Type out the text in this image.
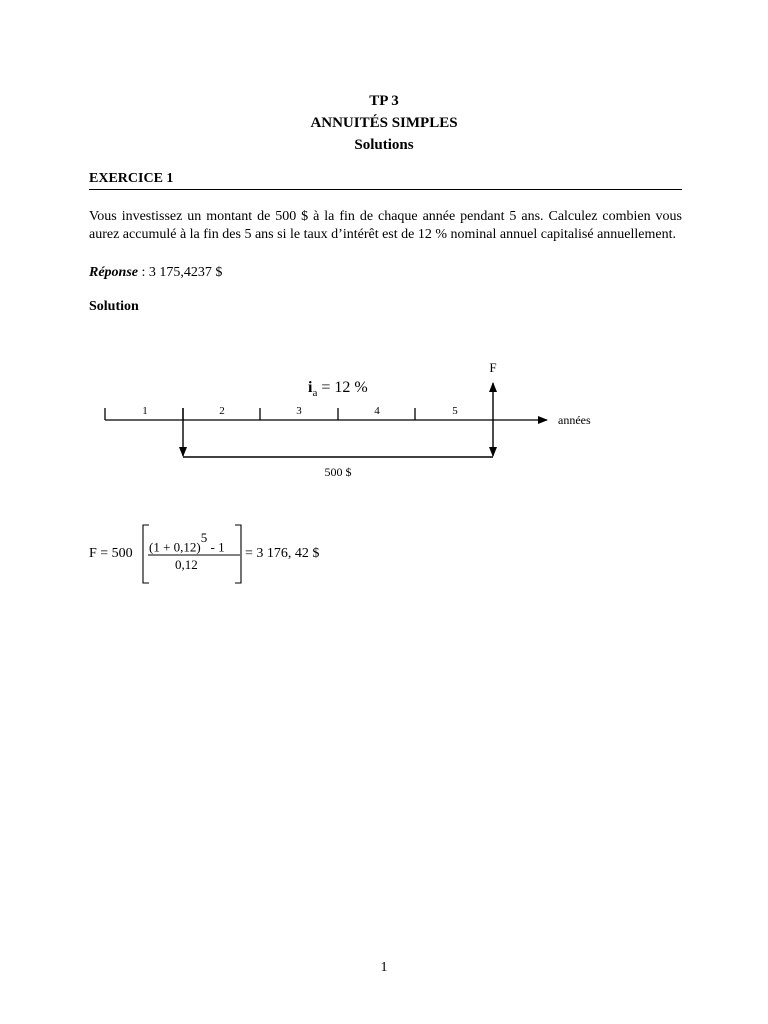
TP 3
ANNUITÉS SIMPLES
Solutions
EXERCICE 1
Vous investissez un montant de 500 $ à la fin de chaque année pendant 5 ans. Calculez combien vous aurez accumulé à la fin des 5 ans si le taux d’intérêt est de 12 % nominal annuel capitalisé annuellement.
Réponse : 3 175,4237 $
Solution
$i_a = 12$ %
1	2	3	4	5
F
années
500 $
F = 500 $(1 + 0,12)^5 - 1$
0,12
= 3 176, 42 $
1
